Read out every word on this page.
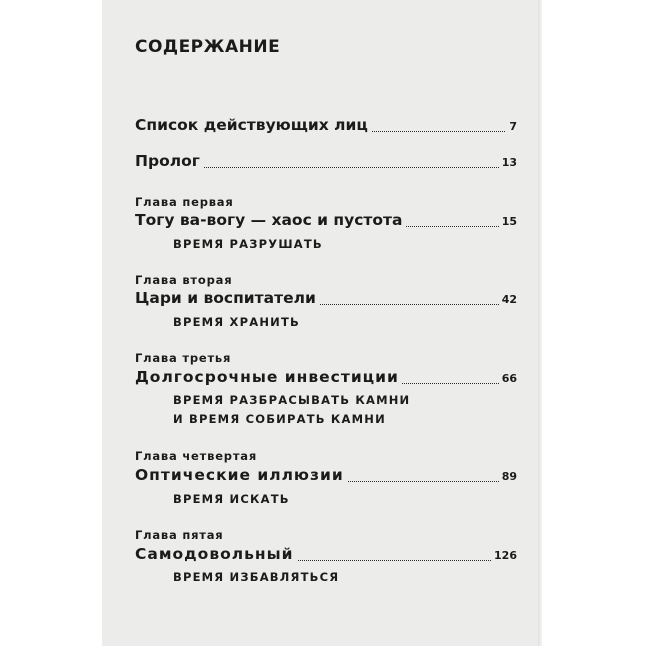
СОДЕРЖАНИЕ
Список действующих лиц	7
Пролог	13
Глава первая
Тогу ва-вогу — хаос и пустота	15
ВРЕМЯ РАЗРУШАТЬ
Глава вторая
Цари и воспитатели	42
ВРЕМЯ ХРАНИТЬ
Глава третья
Долгосрочные инвестиции	66
ВРЕМЯ РАЗБРАСЫВАТЬ КАМНИ
И ВРЕМЯ СОБИРАТЬ КАМНИ
Глава четвертая
Оптические иллюзии	89
ВРЕМЯ ИСКАТЬ
Глава пятая
Самодовольный	126
ВРЕМЯ ИЗБАВЛЯТЬСЯ
